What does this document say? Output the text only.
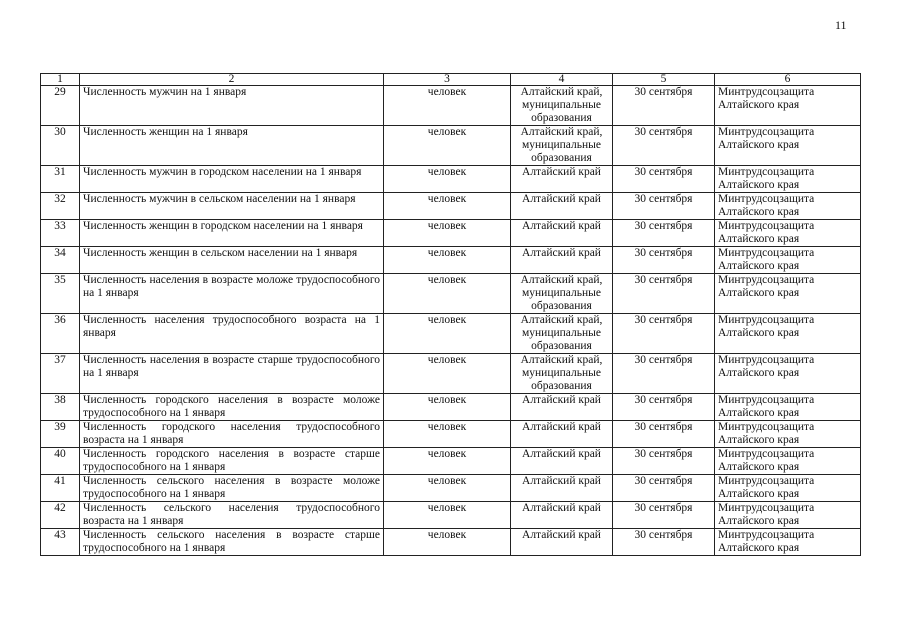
11
1	2	3	4	5	6
29	Численность мужчин на 1 января	человек	Алтайский край, муниципальные образования	30 сентября	Минтрудсоцзащита Алтайского края
30	Численность женщин на 1 января	человек	Алтайский край, муниципальные образования	30 сентября	Минтрудсоцзащита Алтайского края
31	Численность мужчин в городском населении на 1 января	человек	Алтайский край	30 сентября	Минтрудсоцзащита Алтайского края
32	Численность мужчин в сельском населении на 1 января	человек	Алтайский край	30 сентября	Минтрудсоцзащита Алтайского края
33	Численность женщин в городском населении на 1 января	человек	Алтайский край	30 сентября	Минтрудсоцзащита Алтайского края
34	Численность женщин в сельском населении на 1 января	человек	Алтайский край	30 сентября	Минтрудсоцзащита Алтайского края
35	Численность населения в возрасте моложе трудоспособного на 1 января	человек	Алтайский край, муниципальные образования	30 сентября	Минтрудсоцзащита Алтайского края
36	Численность населения трудоспособного возраста на 1 января	человек	Алтайский край, муниципальные образования	30 сентября	Минтрудсоцзащита Алтайского края
37	Численность населения в возрасте старше трудоспособного на 1 января	человек	Алтайский край, муниципальные образования	30 сентября	Минтрудсоцзащита Алтайского края
38	Численность городского населения в возрасте моложе трудоспособного на 1 января	человек	Алтайский край	30 сентября	Минтрудсоцзащита Алтайского края
39	Численность городского населения трудоспособного возраста на 1 января	человек	Алтайский край	30 сентября	Минтрудсоцзащита Алтайского края
40	Численность городского населения в возрасте старше трудоспособного на 1 января	человек	Алтайский край	30 сентября	Минтрудсоцзащита Алтайского края
41	Численность сельского населения в возрасте моложе трудоспособного на 1 января	человек	Алтайский край	30 сентября	Минтрудсоцзащита Алтайского края
42	Численность сельского населения трудоспособного возраста на 1 января	человек	Алтайский край	30 сентября	Минтрудсоцзащита Алтайского края
43	Численность сельского населения в возрасте старше трудоспособного на 1 января	человек	Алтайский край	30 сентября	Минтрудсоцзащита Алтайского края
